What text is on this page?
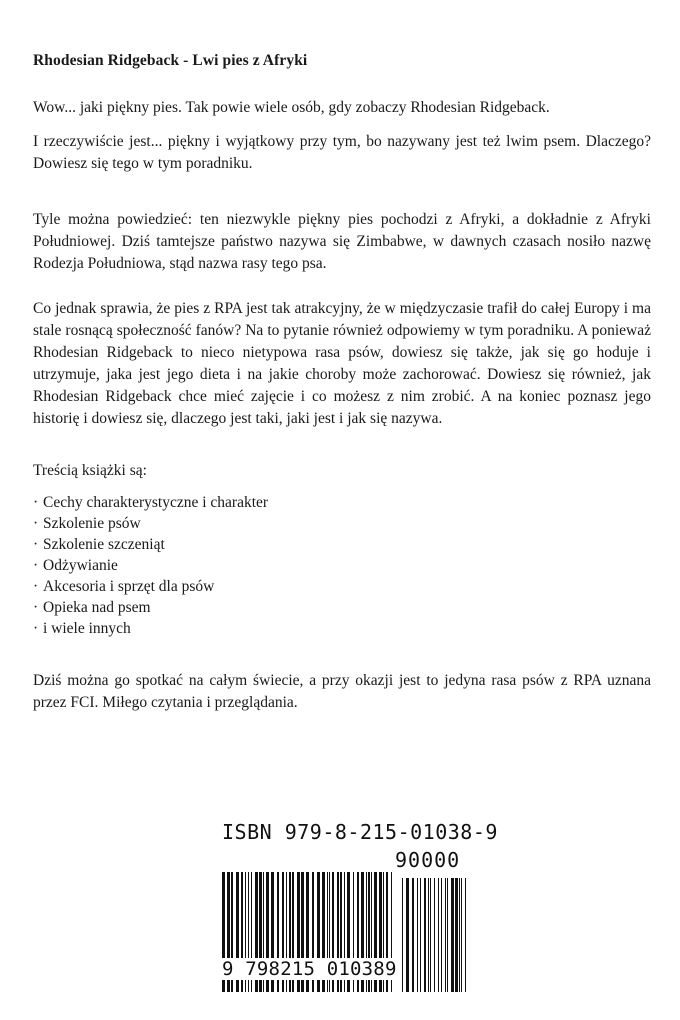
Rhodesian Ridgeback - Lwi pies z Afryki

Wow... jaki piękny pies. Tak powie wiele osób, gdy zobaczy Rhodesian Ridgeback.

I rzeczywiście jest... piękny i wyjątkowy przy tym, bo nazywany jest też lwim psem. Dlaczego? Dowiesz się tego w tym poradniku.

Tyle można powiedzieć: ten niezwykle piękny pies pochodzi z Afryki, a dokładnie z Afryki Południowej. Dziś tamtejsze państwo nazywa się Zimbabwe, w dawnych czasach nosiło nazwę Rodezja Południowa, stąd nazwa rasy tego psa.

Co jednak sprawia, że pies z RPA jest tak atrakcyjny, że w międzyczasie trafił do całej Europy i ma stale rosnącą społeczność fanów? Na to pytanie również odpowiemy w tym poradniku. A ponieważ Rhodesian Ridgeback to nieco nietypowa rasa psów, dowiesz się także, jak się go hoduje i utrzymuje, jaka jest jego dieta i na jakie choroby może zachorować. Dowiesz się również, jak Rhodesian Ridgeback chce mieć zajęcie i co możesz z nim zrobić. A na koniec poznasz jego historię i dowiesz się, dlaczego jest taki, jaki jest i jak się nazywa.

Treścią książki są:

· Cechy charakterystyczne i charakter
· Szkolenie psów
· Szkolenie szczeniąt
· Odżywianie
· Akcesoria i sprzęt dla psów
· Opieka nad psem
· i wiele innych

Dziś można go spotkać na całym świecie, a przy okazji jest to jedyna rasa psów z RPA uznana przez FCI. Miłego czytania i przeglądania.

ISBN 979-8-215-01038-9
90000
9 798215 010389
